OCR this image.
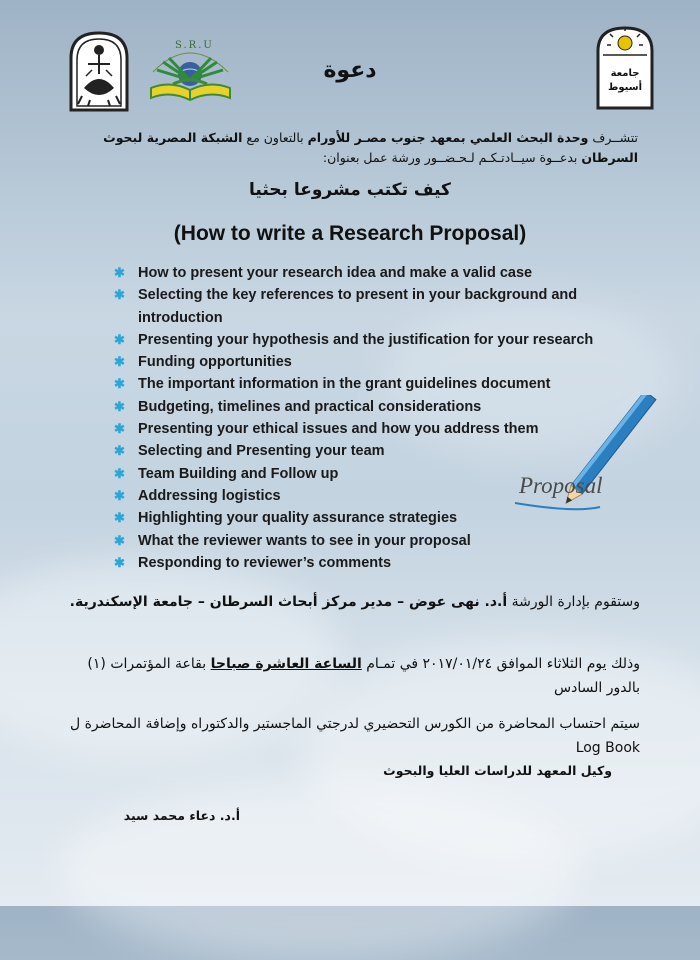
S.R.U
جامعة أسيوط
دعوة
تتشــرف وحدة البحث العلمي بمعهد جنوب مصـر للأورام بالتعاون مع الشبكة المصرية لبحوث السرطان بدعــوة سيــادتـكـم لـحـضــور ورشة عمل بعنوان:
كيف تكتب مشروعا بحثيا
(How to write a Research Proposal)
✱ How to present your research idea and make a valid case
✱ Selecting the key references to present in your background and introduction
✱ Presenting your hypothesis and the justification for your research
✱ Funding opportunities
✱ The important information in the grant guidelines document
✱ Budgeting, timelines and practical considerations
✱ Presenting your ethical issues and how you address them
✱ Selecting and Presenting your team
✱ Team Building and Follow up
✱ Addressing logistics
✱ Highlighting your quality assurance strategies
✱ What the reviewer wants to see in your proposal
✱ Responding to reviewer’s comments
Proposal
وستقوم بإدارة الورشة أ.د. نهى عوض – مدير مركز أبحاث السرطان – جامعة الإسكندرية.
وذلك يوم الثلاثاء الموافق ٢٠١٧/٠١/٢٤ في تمـام الساعة العاشرة صباحا بقاعة المؤتمرات (١) بالدور السادس
سيتم احتساب المحاضرة من الكورس التحضيري لدرجتي الماجستير والدكتوراه وإضافة المحاضرة ل Log Book
وكيل المعهد للدراسات العليا والبحوث
أ.د. دعاء محمد سيد
